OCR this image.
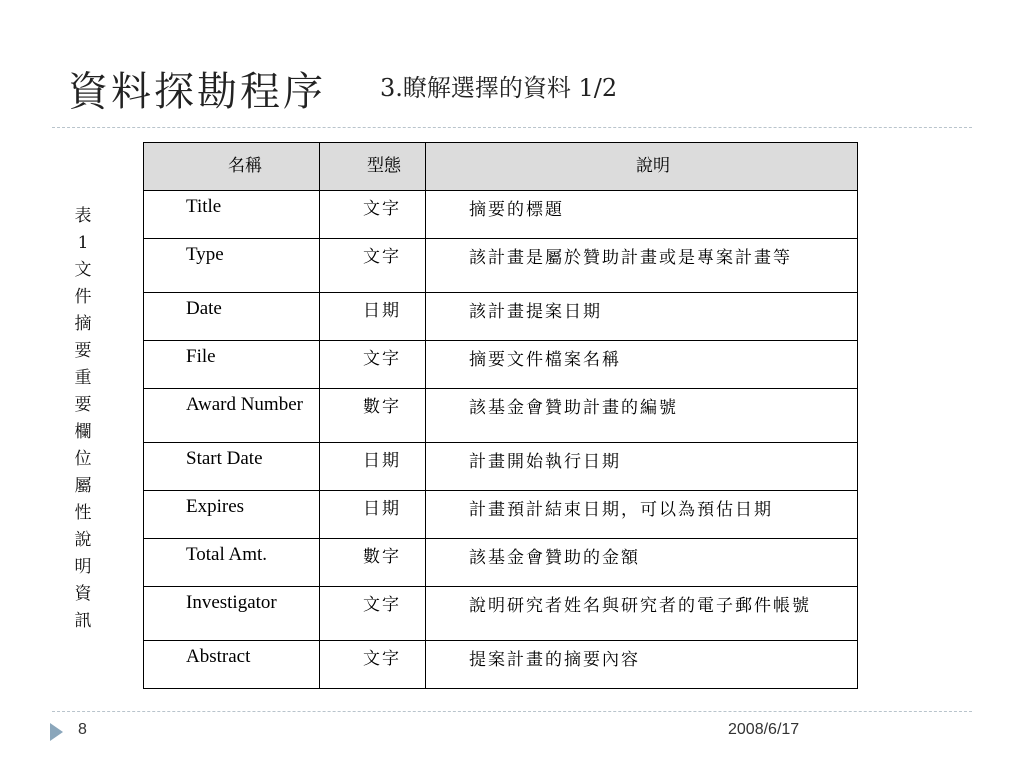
資料探勘程序 3.瞭解選擇的資料 1/2
表
1
文
件
摘
要
重
要
欄
位
屬
性
說
明
資
訊
名稱	型態	說明
Title	文字	摘要的標題
Type	文字	該計畫是屬於贊助計畫或是專案計畫等
Date	日期	該計畫提案日期
File	文字	摘要文件檔案名稱
Award Number	數字	該基金會贊助計畫的編號
Start Date	日期	計畫開始執行日期
Expires	日期	計畫預計結束日期，可以為預估日期
Total Amt.	數字	該基金會贊助的金額
Investigator	文字	說明研究者姓名與研究者的電子郵件帳號
Abstract	文字	提案計畫的摘要內容
8	2008/6/17
